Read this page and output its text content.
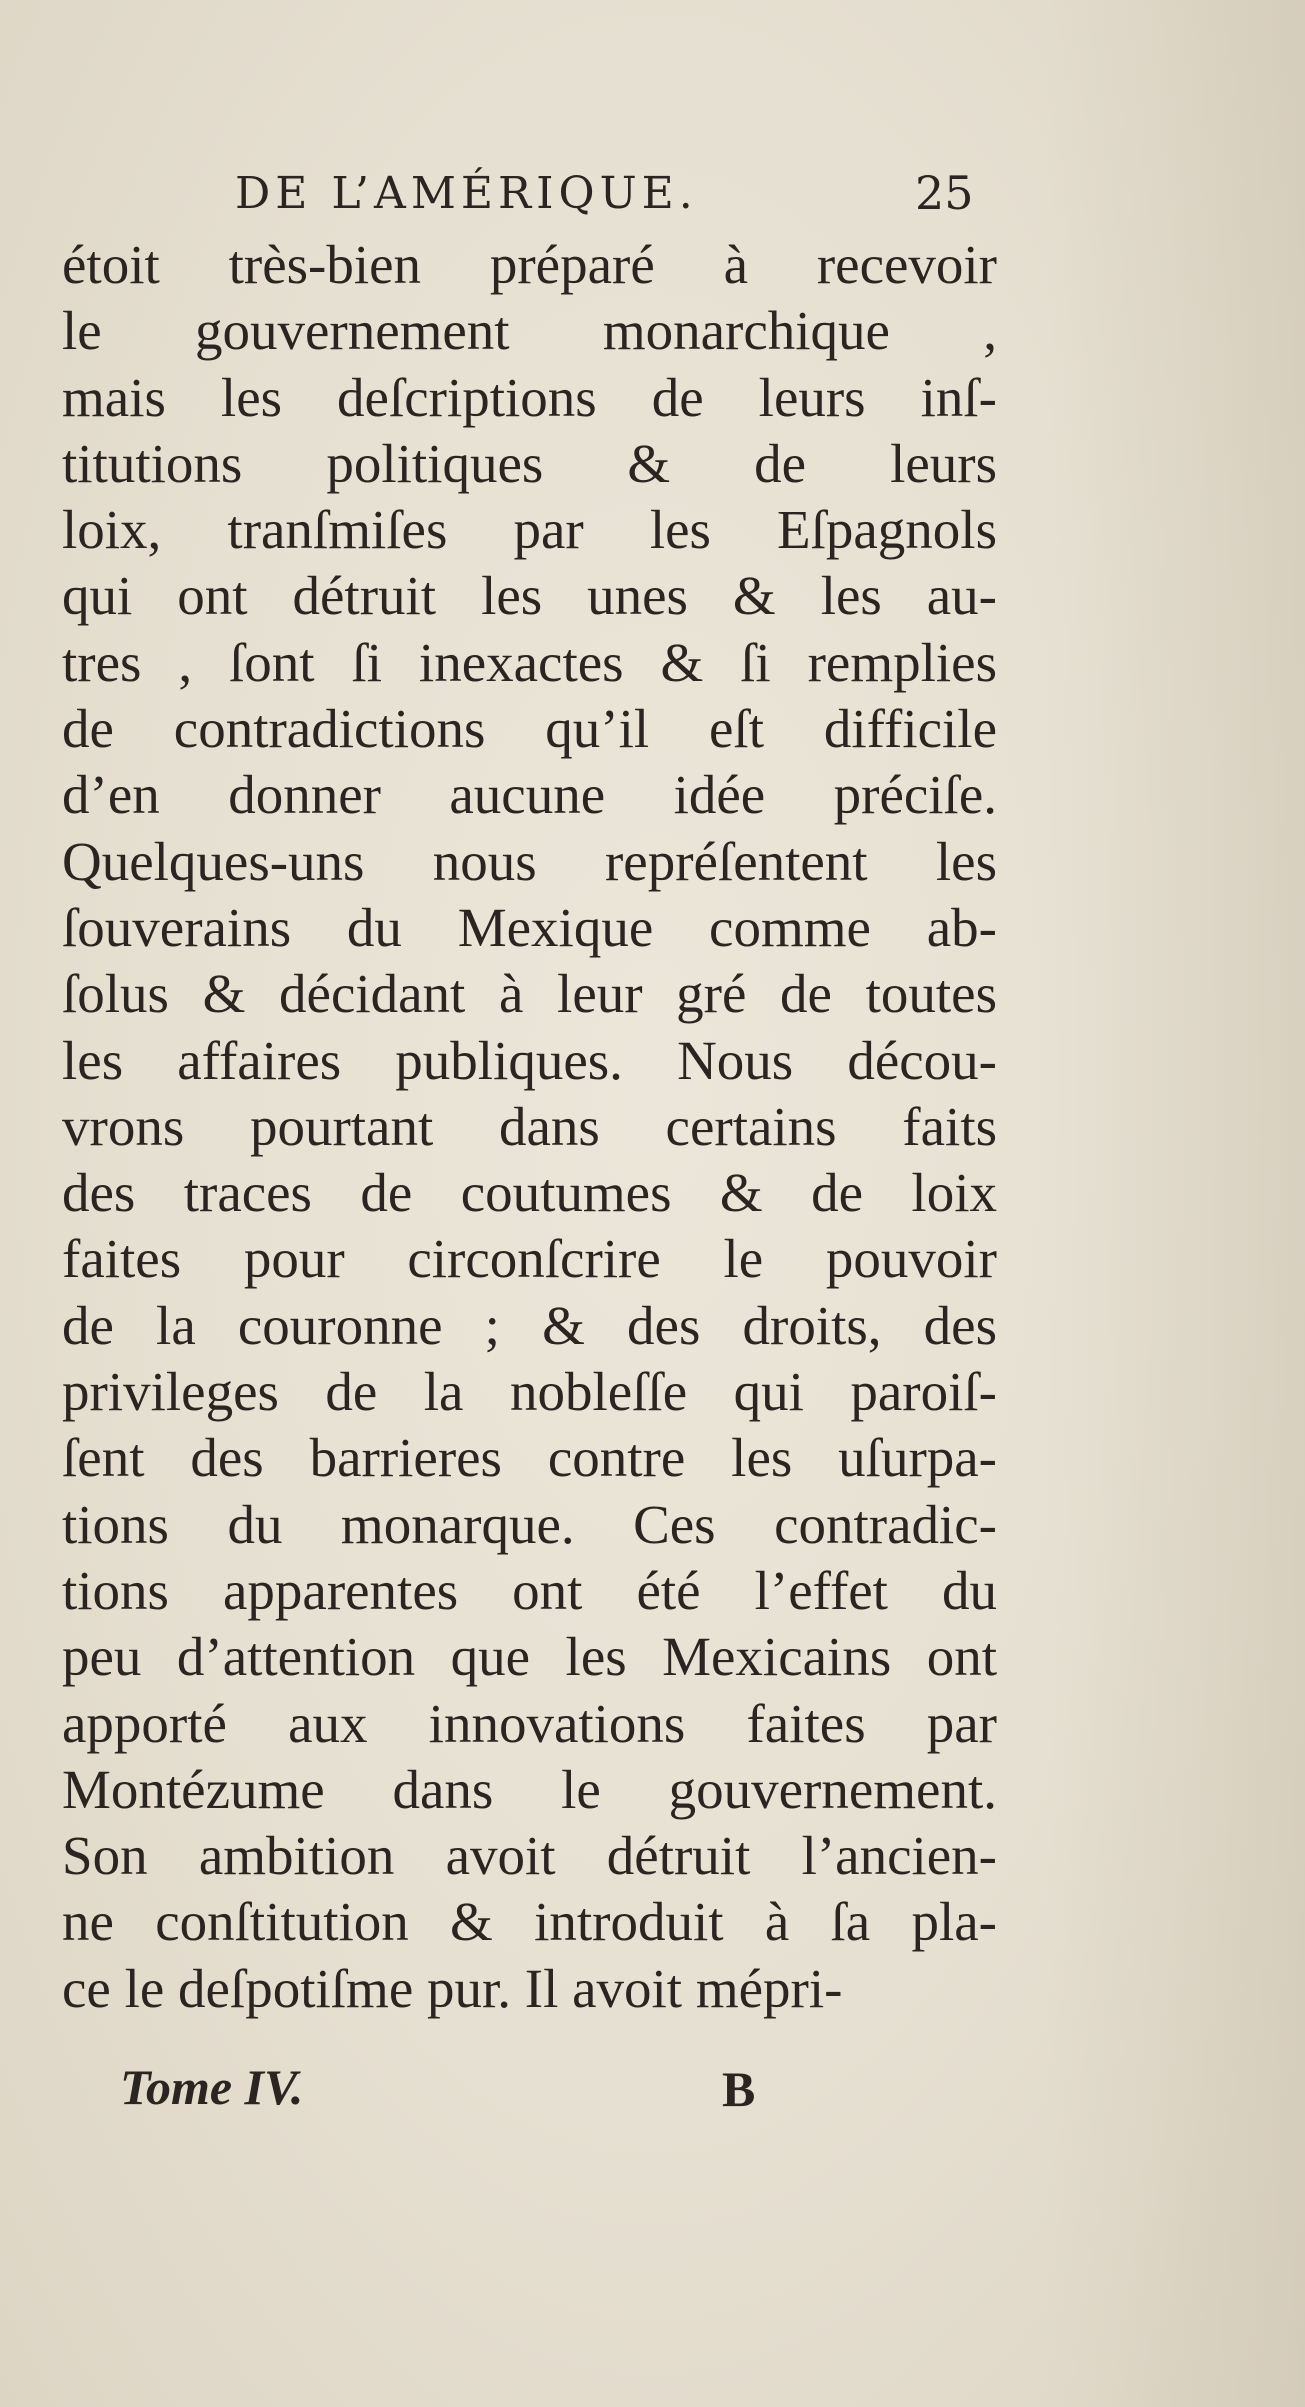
DE L’AMÉRIQUE.	25
étoit très-bien préparé à recevoir
le gouvernement monarchique ,
mais les deſcriptions de leurs inſ-
titutions politiques & de leurs
loix, tranſmiſes par les Eſpagnols
qui ont détruit les unes & les au-
tres , ſont ſi inexactes & ſi remplies
de contradictions qu’il eſt difficile
d’en donner aucune idée préciſe.
Quelques-uns nous repréſentent les
ſouverains du Mexique comme ab-
ſolus & décidant à leur gré de toutes
les affaires publiques. Nous décou-
vrons pourtant dans certains faits
des traces de coutumes & de loix
faites pour circonſcrire le pouvoir
de la couronne ; & des droits, des
privileges de la nobleſſe qui paroiſ-
ſent des barrieres contre les uſurpa-
tions du monarque. Ces contradic-
tions apparentes ont été l’effet du
peu d’attention que les Mexicains ont
apporté aux innovations faites par
Montézume dans le gouvernement.
Son ambition avoit détruit l’ancien-
ne conſtitution & introduit à ſa pla-
ce le deſpotiſme pur. Il avoit mépri-
Tome IV.	B
